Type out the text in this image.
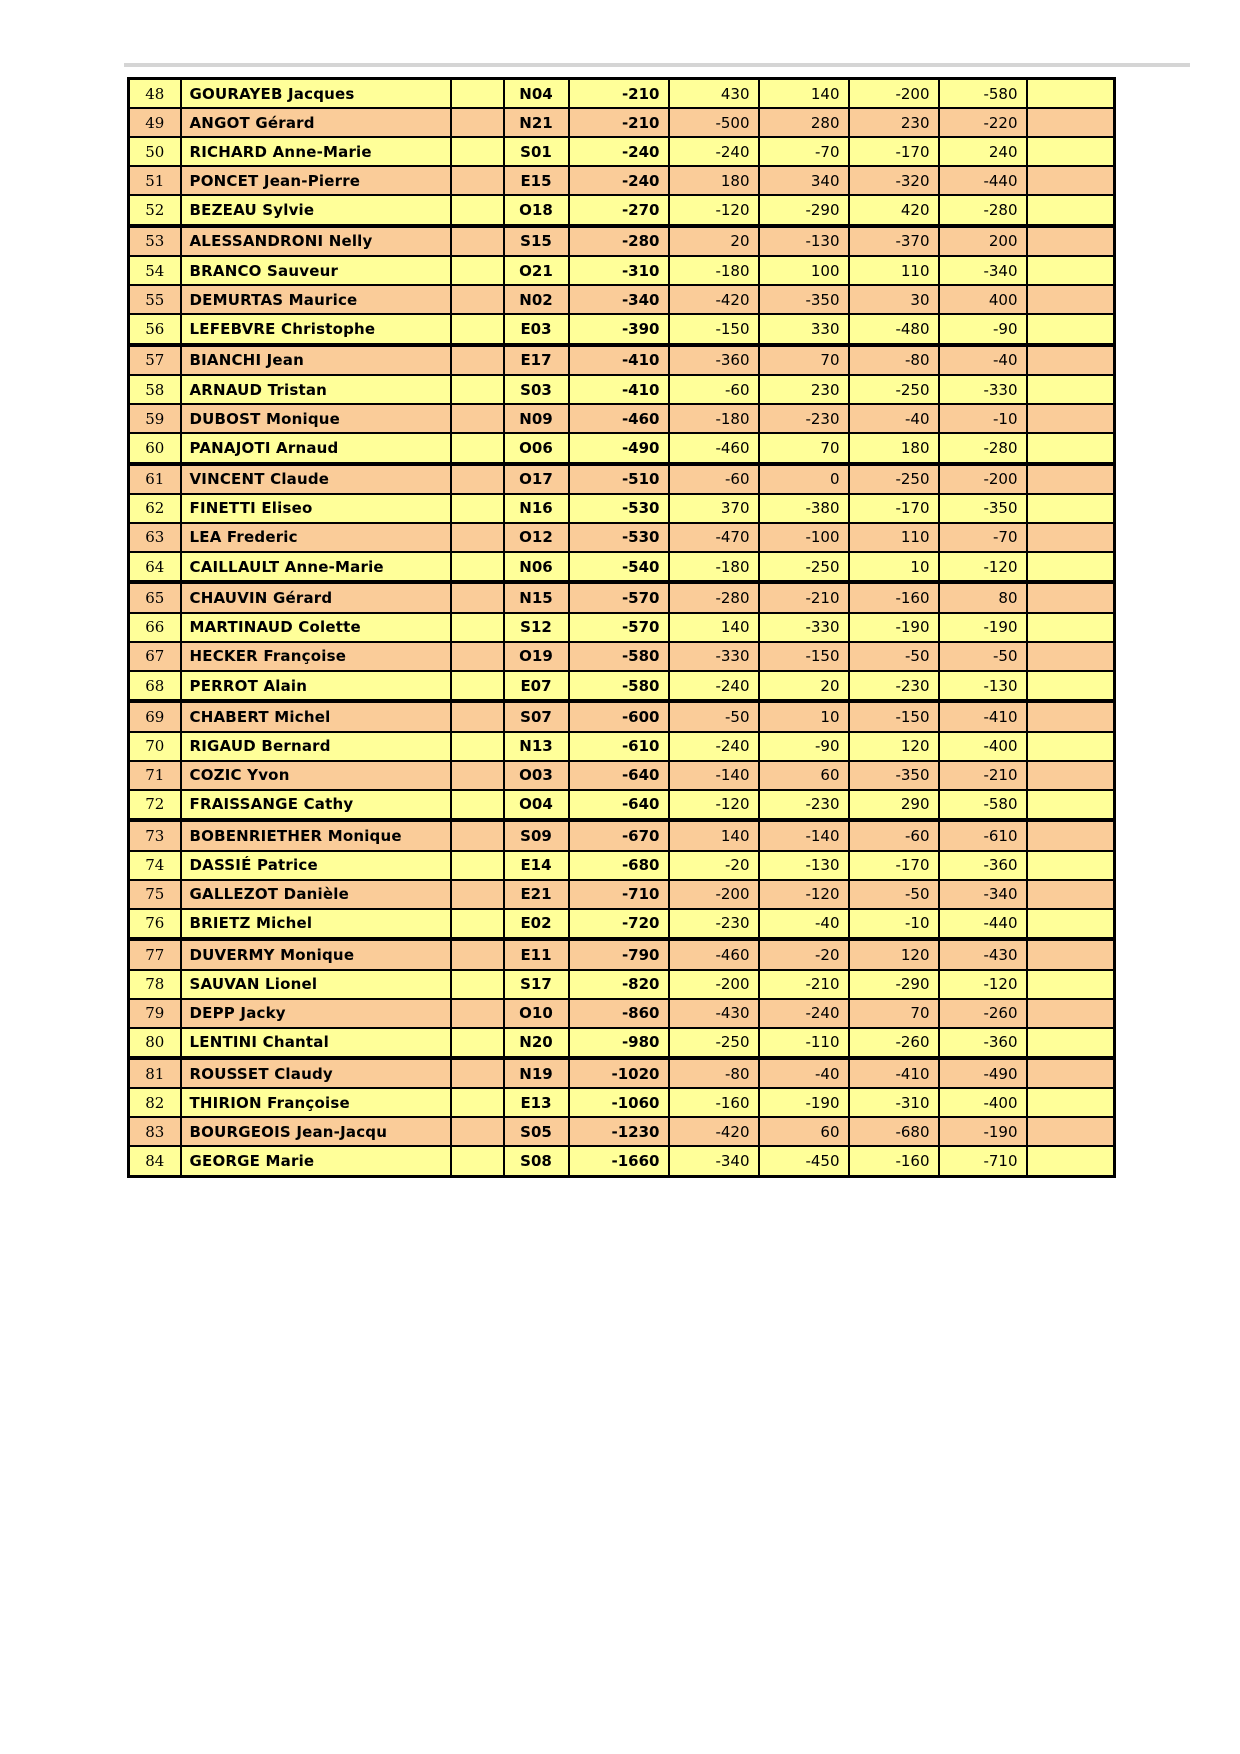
48	GOURAYEB Jacques		N04	-210	430	140	-200	-580	
49	ANGOT Gérard		N21	-210	-500	280	230	-220	
50	RICHARD Anne-Marie		S01	-240	-240	-70	-170	240	
51	PONCET Jean-Pierre		E15	-240	180	340	-320	-440	
52	BEZEAU Sylvie		O18	-270	-120	-290	420	-280	
53	ALESSANDRONI Nelly		S15	-280	20	-130	-370	200	
54	BRANCO Sauveur		O21	-310	-180	100	110	-340	
55	DEMURTAS Maurice		N02	-340	-420	-350	30	400	
56	LEFEBVRE Christophe		E03	-390	-150	330	-480	-90	
57	BIANCHI Jean		E17	-410	-360	70	-80	-40	
58	ARNAUD Tristan		S03	-410	-60	230	-250	-330	
59	DUBOST Monique		N09	-460	-180	-230	-40	-10	
60	PANAJOTI Arnaud		O06	-490	-460	70	180	-280	
61	VINCENT Claude		O17	-510	-60	0	-250	-200	
62	FINETTI Eliseo		N16	-530	370	-380	-170	-350	
63	LEA Frederic		O12	-530	-470	-100	110	-70	
64	CAILLAULT Anne-Marie		N06	-540	-180	-250	10	-120	
65	CHAUVIN Gérard		N15	-570	-280	-210	-160	80	
66	MARTINAUD Colette		S12	-570	140	-330	-190	-190	
67	HECKER Françoise		O19	-580	-330	-150	-50	-50	
68	PERROT Alain		E07	-580	-240	20	-230	-130	
69	CHABERT Michel		S07	-600	-50	10	-150	-410	
70	RIGAUD Bernard		N13	-610	-240	-90	120	-400	
71	COZIC Yvon		O03	-640	-140	60	-350	-210	
72	FRAISSANGE Cathy		O04	-640	-120	-230	290	-580	
73	BOBENRIETHER Monique		S09	-670	140	-140	-60	-610	
74	DASSIÉ Patrice		E14	-680	-20	-130	-170	-360	
75	GALLEZOT Danièle		E21	-710	-200	-120	-50	-340	
76	BRIETZ Michel		E02	-720	-230	-40	-10	-440	
77	DUVERMY Monique		E11	-790	-460	-20	120	-430	
78	SAUVAN Lionel		S17	-820	-200	-210	-290	-120	
79	DEPP Jacky		O10	-860	-430	-240	70	-260	
80	LENTINI Chantal		N20	-980	-250	-110	-260	-360	
81	ROUSSET Claudy		N19	-1020	-80	-40	-410	-490	
82	THIRION Françoise		E13	-1060	-160	-190	-310	-400	
83	BOURGEOIS Jean-Jacqu		S05	-1230	-420	60	-680	-190	
84	GEORGE Marie		S08	-1660	-340	-450	-160	-710	
